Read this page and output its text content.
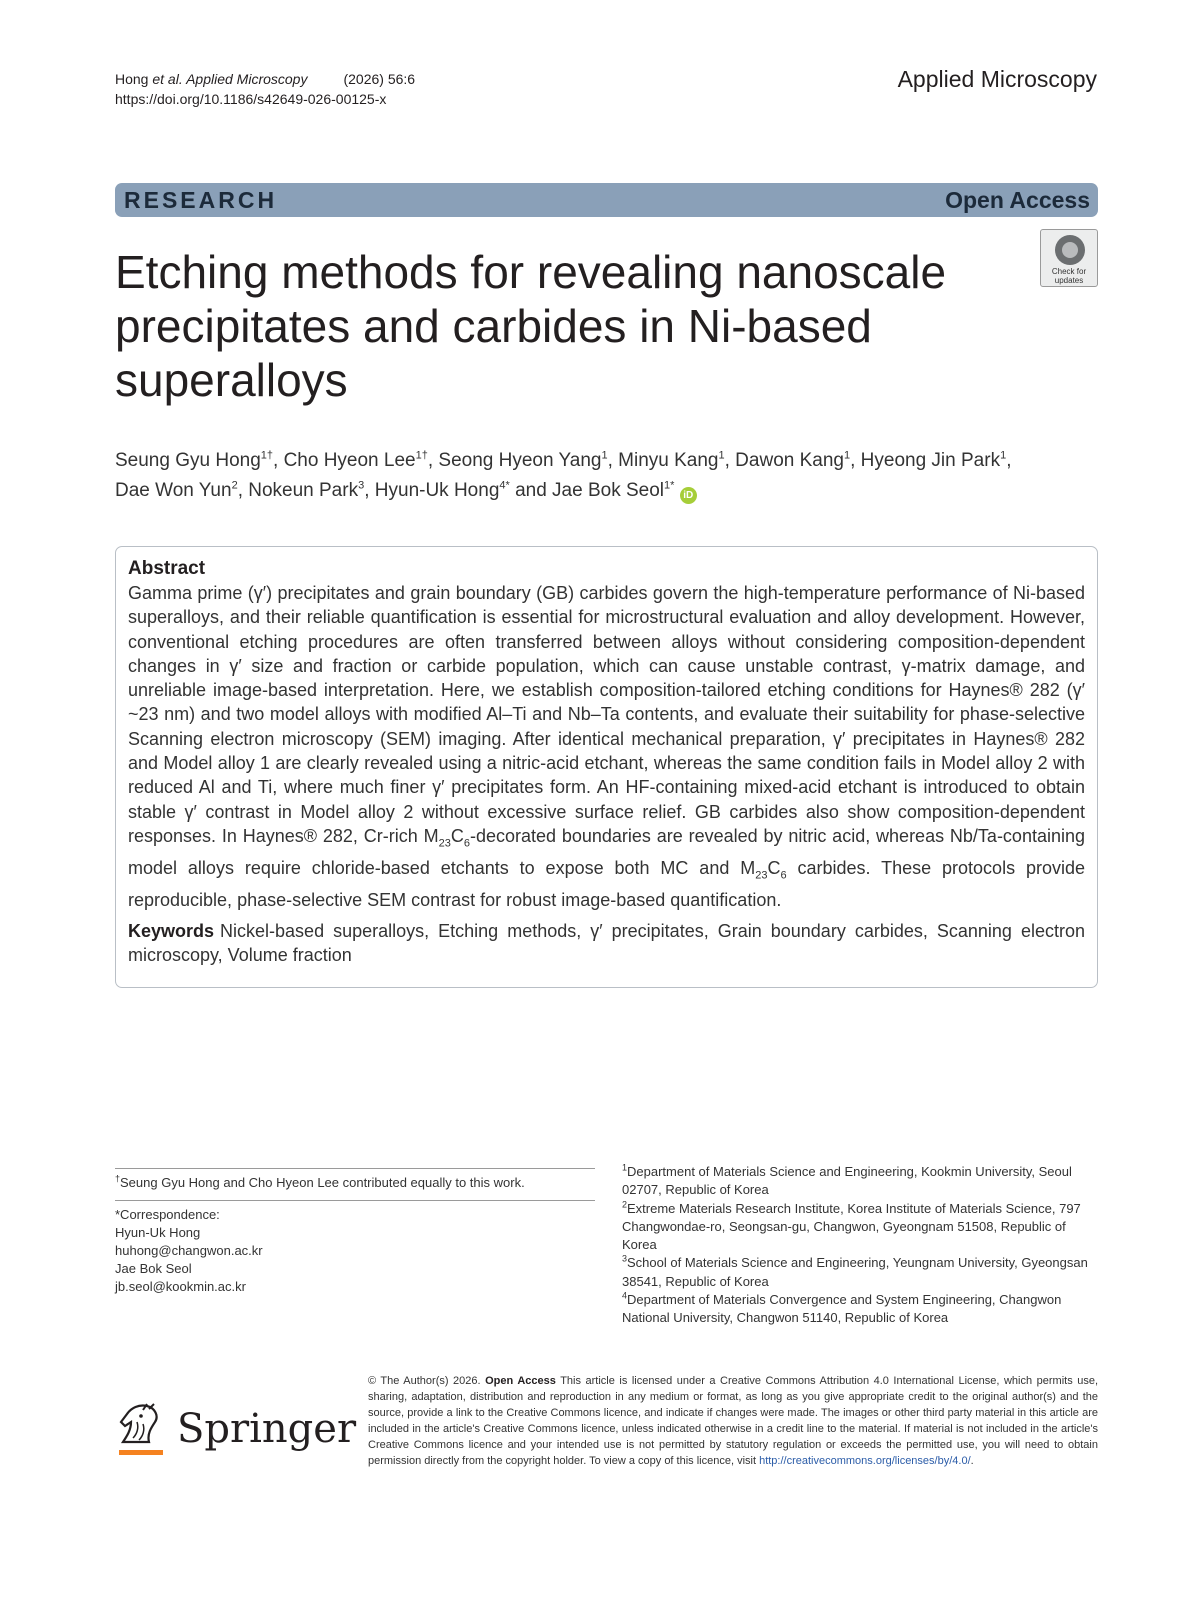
Hong et al. Applied Microscopy	(2026) 56:6
https://doi.org/10.1186/s42649-026-00125-x
Applied Microscopy
RESEARCH	Open Access
Check for
updates
Etching methods for revealing nanoscale precipitates and carbides in Ni-based superalloys
Seung Gyu Hong$^{1\dagger}$, Cho Hyeon Lee$^{1\dagger}$, Seong Hyeon Yang$^1$, Minyu Kang$^1$, Dawon Kang$^1$, Hyeong Jin Park$^1$,
Dae Won Yun$^2$, Nokeun Park$^3$, Hyun-Uk Hong$^{4*}$ and Jae Bok Seol$^{1*}$ iD
Abstract

Gamma prime (γ′) precipitates and grain boundary (GB) carbides govern the high-temperature performance of Ni-based superalloys, and their reliable quantification is essential for microstructural evaluation and alloy development. However, conventional etching procedures are often transferred between alloys without considering composition-dependent changes in γ′ size and fraction or carbide population, which can cause unstable contrast, γ-matrix damage, and unreliable image-based interpretation. Here, we establish composition-tailored etching conditions for Haynes® 282 (γ′ ~23 nm) and two model alloys with modified Al–Ti and Nb–Ta contents, and evaluate their suitability for phase-selective Scanning electron microscopy (SEM) imaging. After identical mechanical preparation, γ′ precipitates in Haynes® 282 and Model alloy 1 are clearly revealed using a nitric-acid etchant, whereas the same condition fails in Model alloy 2 with reduced Al and Ti, where much finer γ′ precipitates form. An HF-containing mixed-acid etchant is introduced to obtain stable γ′ contrast in Model alloy 2 without excessive surface relief. GB carbides also show composition-dependent responses. In Haynes® 282, Cr-rich $M_{23}C_6$-decorated boundaries are revealed by nitric acid, whereas Nb/Ta-containing model alloys require chloride-based etchants to expose both MC and $M_{23}C_6$ carbides. These protocols provide reproducible, phase-selective SEM contrast for robust image-based quantification.

Keywords Nickel-based superalloys, Etching methods, γ′ precipitates, Grain boundary carbides, Scanning electron microscopy, Volume fraction

†Seung Gyu Hong and Cho Hyeon Lee contributed equally to this work.
*Correspondence:
Hyun-Uk Hong
huhong@changwon.ac.kr
Jae Bok Seol
jb.seol@kookmin.ac.kr
$^1$Department of Materials Science and Engineering, Kookmin University, Seoul 02707, Republic of Korea
$^2$Extreme Materials Research Institute, Korea Institute of Materials Science, 797 Changwondae-ro, Seongsan-gu, Changwon, Gyeongnam 51508, Republic of Korea
$^3$School of Materials Science and Engineering, Yeungnam University, Gyeongsan 38541, Republic of Korea
$^4$Department of Materials Convergence and System Engineering, Changwon National University, Changwon 51140, Republic of Korea
Springer
© The Author(s) 2026. Open Access This article is licensed under a Creative Commons Attribution 4.0 International License, which permits use, sharing, adaptation, distribution and reproduction in any medium or format, as long as you give appropriate credit to the original author(s) and the source, provide a link to the Creative Commons licence, and indicate if changes were made. The images or other third party material in this article are included in the article's Creative Commons licence, unless indicated otherwise in a credit line to the material. If material is not included in the article's Creative Commons licence and your intended use is not permitted by statutory regulation or exceeds the permitted use, you will need to obtain permission directly from the copyright holder. To view a copy of this licence, visit http://creativecommons.org/licenses/by/4.0/.
